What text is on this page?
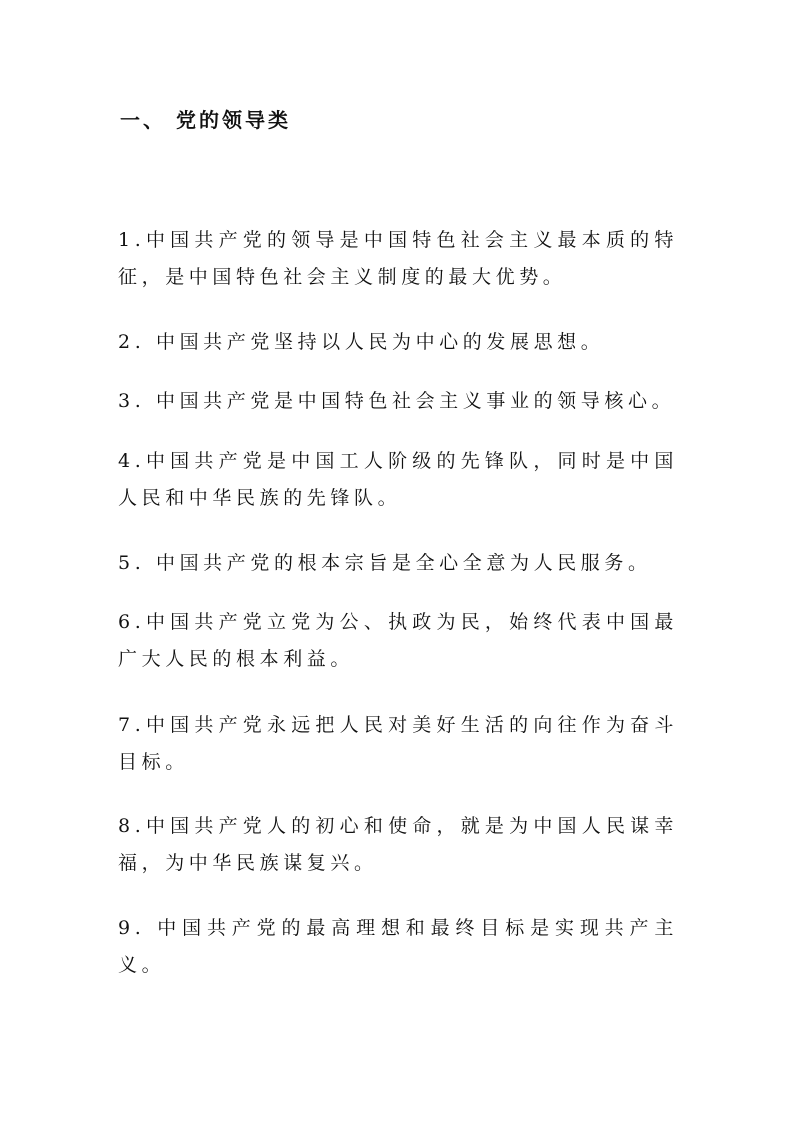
一、 党的领导类
1.中国共产党的领导是中国特色社会主义最本质的特征，是中国特色社会主义制度的最大优势。
2. 中国共产党坚持以人民为中心的发展思想。
3. 中国共产党是中国特色社会主义事业的领导核心。
4.中国共产党是中国工人阶级的先锋队，同时是中国人民和中华民族的先锋队。
5. 中国共产党的根本宗旨是全心全意为人民服务。
6.中国共产党立党为公、执政为民，始终代表中国最广大人民的根本利益。
7.中国共产党永远把人民对美好生活的向往作为奋斗目标。
8.中国共产党人的初心和使命，就是为中国人民谋幸福，为中华民族谋复兴。
9. 中国共产党的最高理想和最终目标是实现共产主义。
